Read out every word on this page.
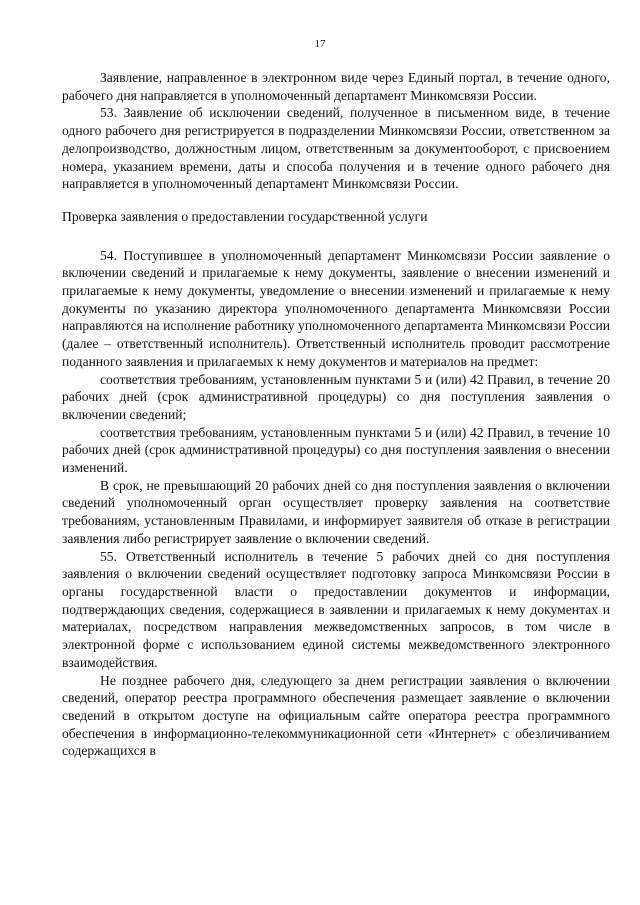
17

Заявление, направленное в электронном виде через Единый портал, в течение одного, рабочего дня направляется в уполномоченный департамент Минкомсвязи России.

53. Заявление об исключении сведений, полученное в письменном виде, в течение одного рабочего дня регистрируется в подразделении Минкомсвязи России, ответственном за делопроизводство, должностным лицом, ответственным за документооборот, с присвоением номера, указанием времени, даты и способа получения и в течение одного рабочего дня направляется в уполномоченный департамент Минкомсвязи России.

Проверка заявления о предоставлении государственной услуги

54. Поступившее в уполномоченный департамент Минкомсвязи России заявление о включении сведений и прилагаемые к нему документы, заявление о внесении изменений и прилагаемые к нему документы, уведомление о внесении изменений и прилагаемые к нему документы по указанию директора уполномоченного департамента Минкомсвязи России направляются на исполнение работнику уполномоченного департамента Минкомсвязи России (далее – ответственный исполнитель). Ответственный исполнитель проводит рассмотрение поданного заявления и прилагаемых к нему документов и материалов на предмет:

соответствия требованиям, установленным пунктами 5 и (или) 42 Правил, в течение 20 рабочих дней (срок административной процедуры) со дня поступления заявления о включении сведений;

соответствия требованиям, установленным пунктами 5 и (или) 42 Правил, в течение 10 рабочих дней (срок административной процедуры) со дня поступления заявления о внесении изменений.

В срок, не превышающий 20 рабочих дней со дня поступления заявления о включении сведений уполномоченный орган осуществляет проверку заявления на соответствие требованиям, установленным Правилами, и информирует заявителя об отказе в регистрации заявления либо регистрирует заявление о включении сведений.

55. Ответственный исполнитель в течение 5 рабочих дней со дня поступления заявления о включении сведений осуществляет подготовку запроса Минкомсвязи России в органы государственной власти о предоставлении документов и информации, подтверждающих сведения, содержащиеся в заявлении и прилагаемых к нему документах и материалах, посредством направления межведомственных запросов, в том числе в электронной форме с использованием единой системы межведомственного электронного взаимодействия.

Не позднее рабочего дня, следующего за днем регистрации заявления о включении сведений, оператор реестра программного обеспечения размещает заявление о включении сведений в открытом доступе на официальным сайте оператора реестра программного обеспечения в информационно-телекоммуникационной сети «Интернет» с обезличиванием содержащихся в
